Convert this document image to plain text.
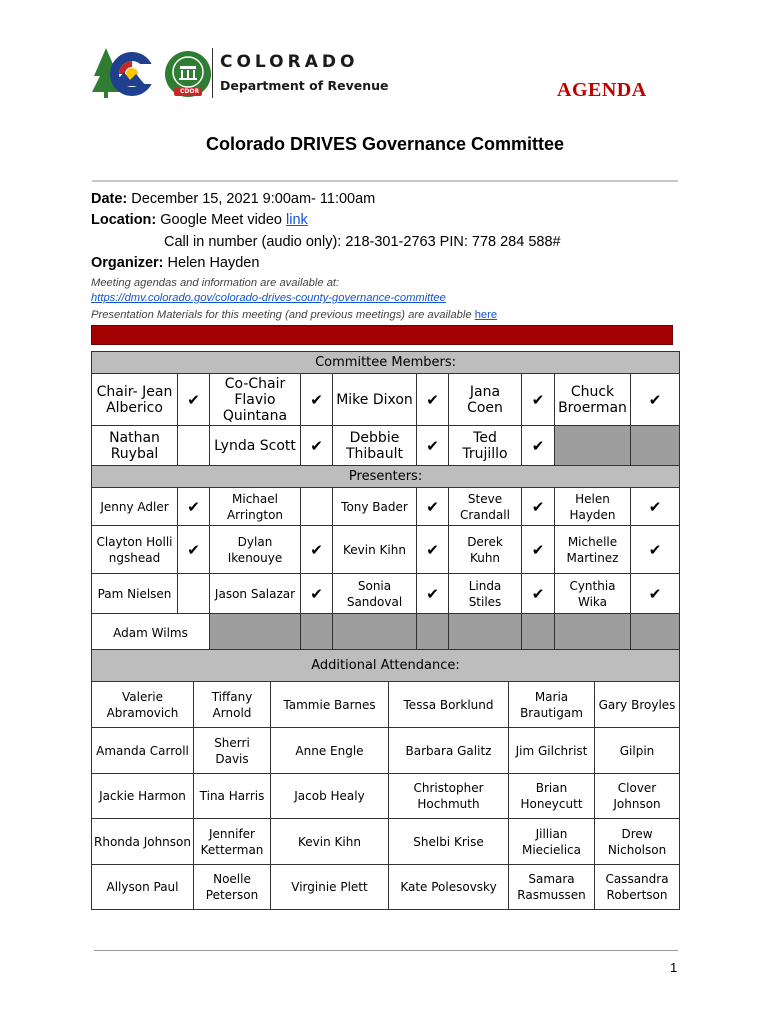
CDOR
COLORADO
Department of Revenue	AGENDA
Colorado DRIVES Governance Committee
Date: December 15, 2021 9:00am- 11:00am
Location: Google Meet video link
Call in number (audio only): 218-301-2763 PIN: 778 284 588#
Organizer: Helen Hayden
Meeting agendas and information are available at:
https://dmv.colorado.gov/colorado-drives-county-governance-committee
Presentation Materials for this meeting (and previous meetings) are available here
Committee Members:									
Chair- Jean Alberico	✔	Co-Chair Flavio Quintana	✔	Mike Dixon	✔	Jana Coen	✔	Chuck Broerman	✔
Nathan Ruybal		Lynda Scott	✔	Debbie Thibault	✔	Ted Trujillo	✔		
Presenters:									
Jenny Adler	✔	Michael Arrington		Tony Bader	✔	Steve Crandall	✔	Helen Hayden	✔
Clayton Hollingshead	✔	Dylan Ikenouye	✔	Kevin Kihn	✔	Derek Kuhn	✔	Michelle Martinez	✔
Pam Nielsen		Jason Salazar	✔	Sonia Sandoval	✔	Linda Stiles	✔	Cynthia Wika	✔
Adam Wilms									
Additional Attendance:					
Valerie Abramovich	Tiffany Arnold	Tammie Barnes	Tessa Borklund	Maria Brautigam	Gary Broyles
Amanda Carroll	Sherri Davis	Anne Engle	Barbara Galitz	Jim Gilchrist	Gilpin
Jackie Harmon	Tina Harris	Jacob Healy	Christopher Hochmuth	Brian Honeycutt	Clover Johnson
Rhonda Johnson	Jennifer Ketterman	Kevin Kihn	Shelbi Krise	Jillian Miecielica	Drew Nicholson
Allyson Paul	Noelle Peterson	Virginie Plett	Kate Polesovsky	Samara Rasmussen	Cassandra Robertson
1
